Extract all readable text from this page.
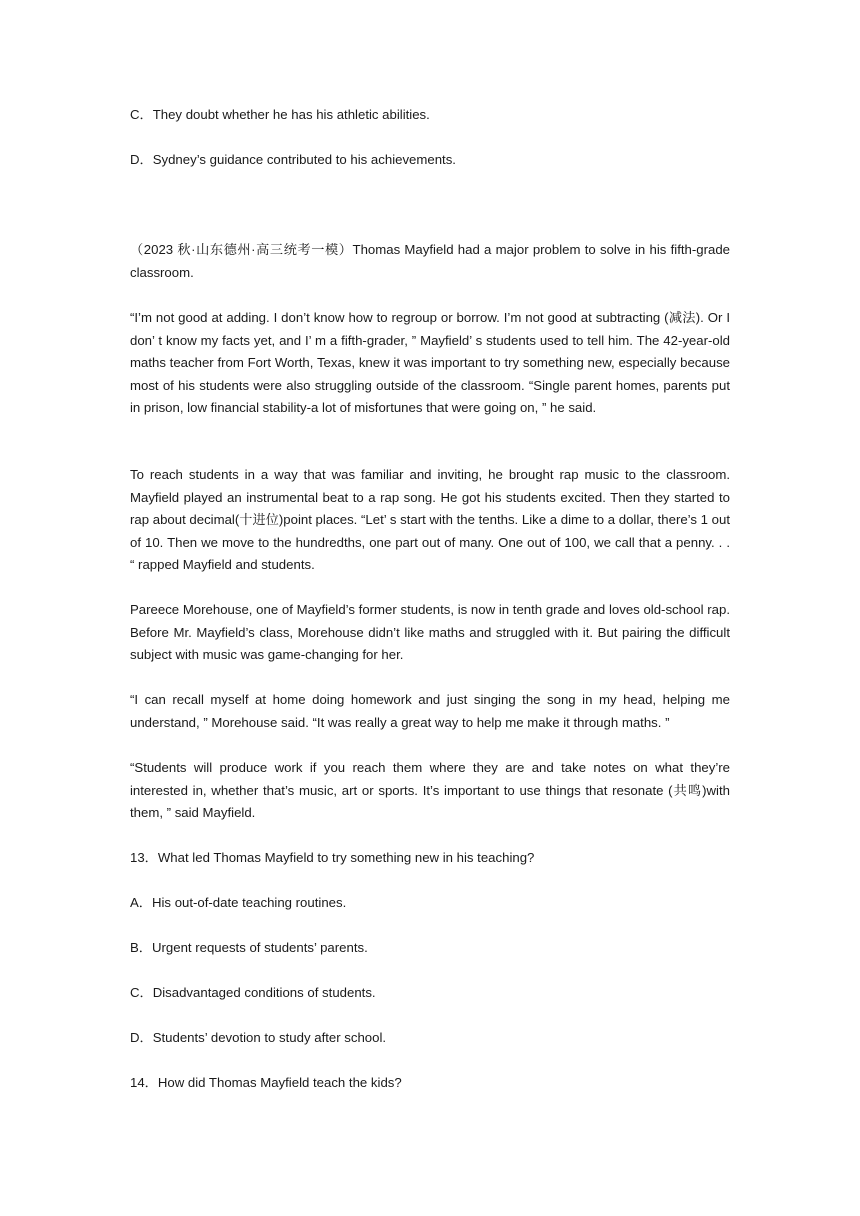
C．They doubt whether he has his athletic abilities.

D．Sydney’s guidance contributed to his achievements.

（2023 秋·山东德州·高三统考一模）Thomas Mayfield had a major problem to solve in his fifth-grade classroom.

“I’m not good at adding. I don’t know how to regroup or borrow. I’m not good at subtracting (减法). Or I don’ t know my facts yet, and I’ m a fifth-grader, ” Mayfield’ s students used to tell him. The 42-year-old maths teacher from Fort Worth, Texas, knew it was important to try something new, especially because most of his students were also struggling outside of the classroom. “Single parent homes, parents put in prison, low financial stability-a lot of misfortunes that were going on, ” he said.

To reach students in a way that was familiar and inviting, he brought rap music to the classroom. Mayfield played an instrumental beat to a rap song. He got his students excited. Then they started to rap about decimal(十进位)point places. “Let’ s start with the tenths. Like a dime to a dollar, there’s 1 out of 10. Then we move to the hundredths, one part out of many. One out of 100, we call that a penny. . . “ rapped Mayfield and students.

Pareece Morehouse, one of Mayfield’s former students, is now in tenth grade and loves old-school rap. Before Mr. Mayfield’s class, Morehouse didn’t like maths and struggled with it. But pairing the difficult subject with music was game-changing for her.

“I can recall myself at home doing homework and just singing the song in my head, helping me understand, ” Morehouse said. “It was really a great way to help me make it through maths. ”

“Students will produce work if you reach them where they are and take notes on what they’re interested in, whether that’s music, art or sports. It’s important to use things that resonate (共鸣)with them, ” said Mayfield.

13．What led Thomas Mayfield to try something new in his teaching?

A．His out-of-date teaching routines.

B．Urgent requests of students’ parents.

C．Disadvantaged conditions of students.

D．Students’ devotion to study after school.

14．How did Thomas Mayfield teach the kids?
